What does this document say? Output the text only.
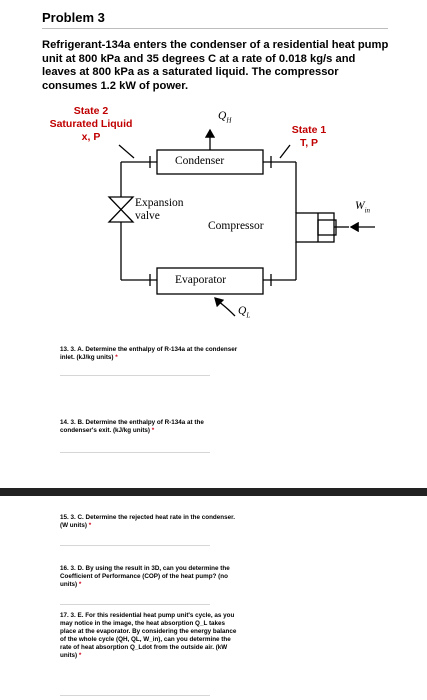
Problem 3
Refrigerant-134a enters the condenser of a residential heat pump unit at 800 kPa and 35 degrees C at a rate of 0.018 kg/s and leaves at 800 kPa as a saturated liquid. The compressor consumes 1.2 kW of power.
State 2
Saturated Liquid
x, P
State 1
T, P
$Q_H$
$Q_L$
$W_{in}$
Condenser
Evaporator
Compressor
Expansion
valve
13. 3. A. Determine the enthalpy of R-134a at the condenser inlet. (kJ/kg units) *
14. 3. B. Determine the enthalpy of R-134a at the condenser's exit. (kJ/kg units) *
15. 3. C. Determine the rejected heat rate in the condenser. (W units) *
16. 3. D. By using the result in 3D, can you determine the Coefficient of Performance (COP) of the heat pump? (no units) *
17. 3. E. For this residential heat pump unit's cycle, as you may notice in the image, the heat absorption Q_L takes place at the evaporator. By considering the energy balance of the whole cycle (QH, QL, W_in), can you determine the rate of heat absorption Q_Ldot from the outside air. (kW units) *
